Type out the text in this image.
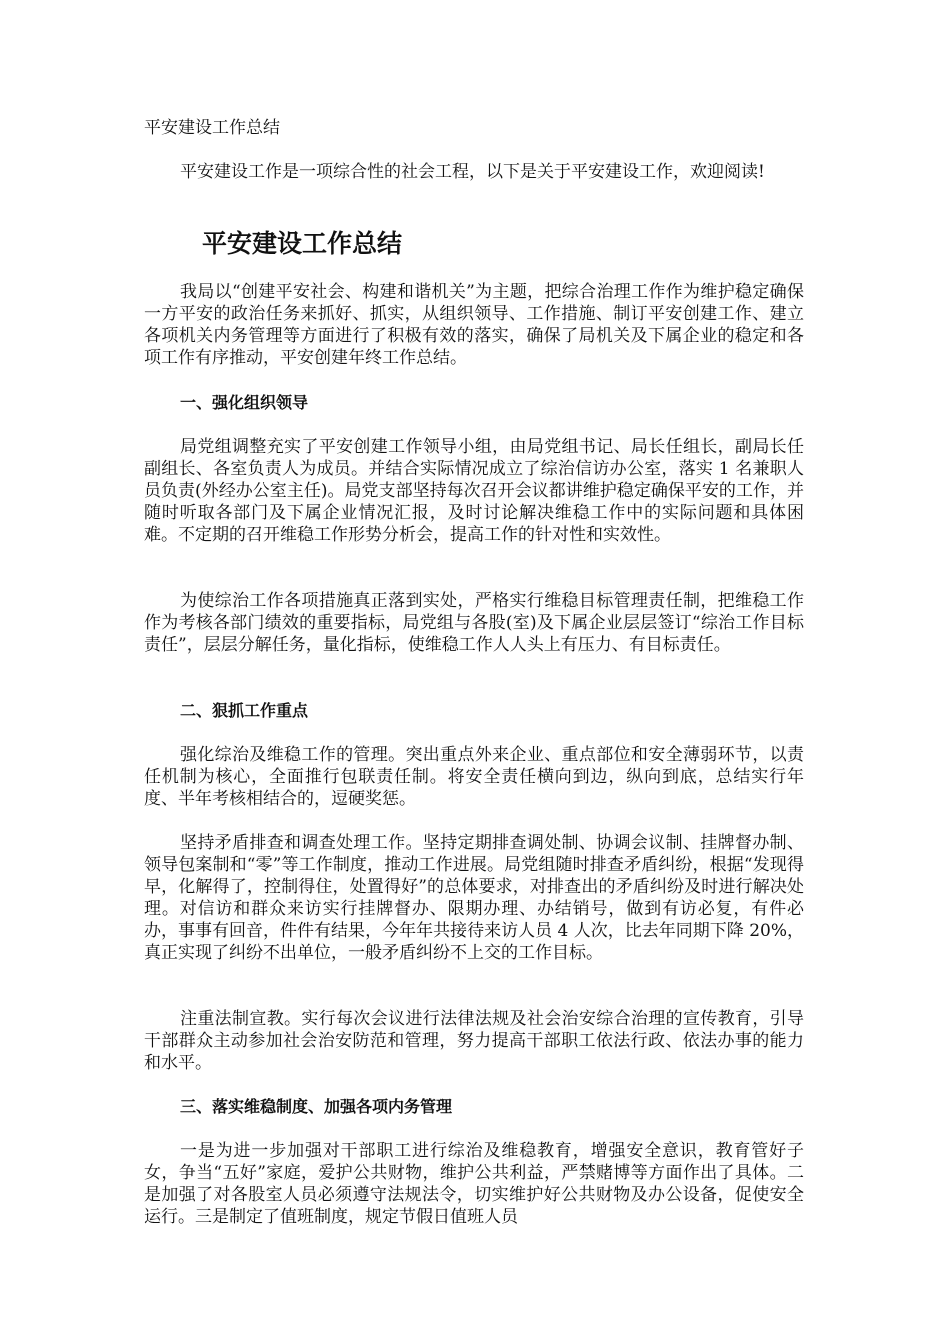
平安建设工作总结
平安建设工作是一项综合性的社会工程，以下是关于平安建设工作，欢迎阅读!
平安建设工作总结

我局以“创建平安社会、构建和谐机关”为主题，把综合治理工作作为维护稳定确保一方平安的政治任务来抓好、抓实，从组织领导、工作措施、制订平安创建工作、建立各项机关内务管理等方面进行了积极有效的落实，确保了局机关及下属企业的稳定和各项工作有序推动，平安创建年终工作总结。

一、强化组织领导

局党组调整充实了平安创建工作领导小组，由局党组书记、局长任组长，副局长任副组长、各室负责人为成员。并结合实际情况成立了综治信访办公室，落实 1 名兼职人员负责(外经办公室主任)。局党支部坚持每次召开会议都讲维护稳定确保平安的工作，并随时听取各部门及下属企业情况汇报，及时讨论解决维稳工作中的实际问题和具体困难。不定期的召开维稳工作形势分析会，提高工作的针对性和实效性。

为使综治工作各项措施真正落到实处，严格实行维稳目标管理责任制，把维稳工作作为考核各部门绩效的重要指标，局党组与各股(室)及下属企业层层签订“综治工作目标责任”，层层分解任务，量化指标，使维稳工作人人头上有压力、有目标责任。

二、狠抓工作重点

强化综治及维稳工作的管理。突出重点外来企业、重点部位和安全薄弱环节，以责任机制为核心，全面推行包联责任制。将安全责任横向到边，纵向到底，总结实行年度、半年考核相结合的，逗硬奖惩。

坚持矛盾排查和调查处理工作。坚持定期排查调处制、协调会议制、挂牌督办制、领导包案制和“零”等工作制度，推动工作进展。局党组随时排查矛盾纠纷，根据“发现得早，化解得了，控制得住，处置得好”的总体要求，对排查出的矛盾纠纷及时进行解决处理。对信访和群众来访实行挂牌督办、限期办理、办结销号，做到有访必复，有件必办，事事有回音，件件有结果，今年年共接待来访人员 4 人次，比去年同期下降 20%，真正实现了纠纷不出单位，一般矛盾纠纷不上交的工作目标。

注重法制宣教。实行每次会议进行法律法规及社会治安综合治理的宣传教育，引导干部群众主动参加社会治安防范和管理，努力提高干部职工依法行政、依法办事的能力和水平。

三、落实维稳制度、加强各项内务管理

一是为进一步加强对干部职工进行综治及维稳教育，增强安全意识，教育管好子女，争当“五好”家庭，爱护公共财物，维护公共利益，严禁赌博等方面作出了具体。二是加强了对各股室人员必须遵守法规法令，切实维护好公共财物及办公设备，促使安全运行。三是制定了值班制度，规定节假日值班人员
